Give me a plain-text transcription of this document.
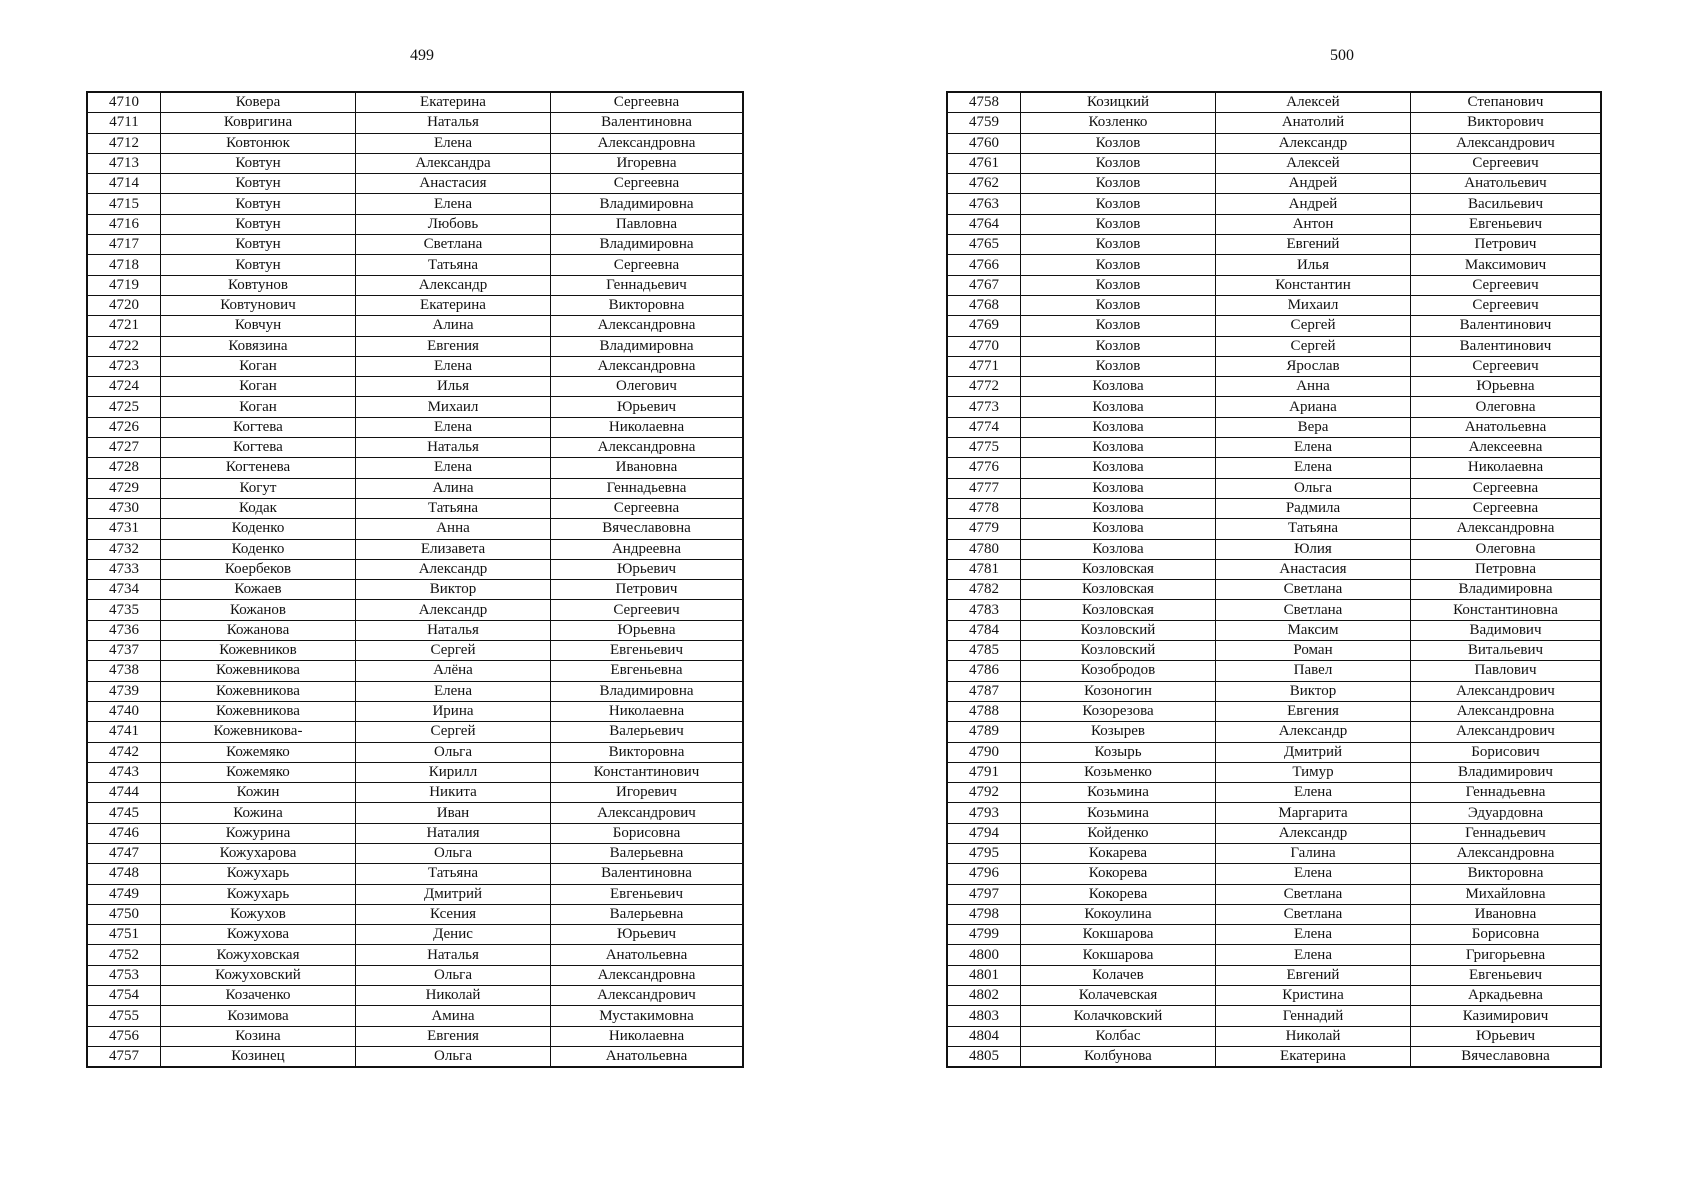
499
4710	Ковера	Екатерина	Сергеевна
4711	Ковригина	Наталья	Валентиновна
4712	Ковтонюк	Елена	Александровна
4713	Ковтун	Александра	Игоревна
4714	Ковтун	Анастасия	Сергеевна
4715	Ковтун	Елена	Владимировна
4716	Ковтун	Любовь	Павловна
4717	Ковтун	Светлана	Владимировна
4718	Ковтун	Татьяна	Сергеевна
4719	Ковтунов	Александр	Геннадьевич
4720	Ковтунович	Екатерина	Викторовна
4721	Ковчун	Алина	Александровна
4722	Ковязина	Евгения	Владимировна
4723	Коган	Елена	Александровна
4724	Коган	Илья	Олегович
4725	Коган	Михаил	Юрьевич
4726	Когтева	Елена	Николаевна
4727	Когтева	Наталья	Александровна
4728	Когтенева	Елена	Ивановна
4729	Когут	Алина	Геннадьевна
4730	Кодак	Татьяна	Сергеевна
4731	Коденко	Анна	Вячеславовна
4732	Коденко	Елизавета	Андреевна
4733	Коербеков	Александр	Юрьевич
4734	Кожаев	Виктор	Петрович
4735	Кожанов	Александр	Сергеевич
4736	Кожанова	Наталья	Юрьевна
4737	Кожевников	Сергей	Евгеньевич
4738	Кожевникова	Алёна	Евгеньевна
4739	Кожевникова	Елена	Владимировна
4740	Кожевникова	Ирина	Николаевна
4741	Кожевникова-	Сергей	Валерьевич
4742	Кожемяко	Ольга	Викторовна
4743	Кожемяко	Кирилл	Константинович
4744	Кожин	Никита	Игоревич
4745	Кожина	Иван	Александрович
4746	Кожурина	Наталия	Борисовна
4747	Кожухарова	Ольга	Валерьевна
4748	Кожухарь	Татьяна	Валентиновна
4749	Кожухарь	Дмитрий	Евгеньевич
4750	Кожухов	Ксения	Валерьевна
4751	Кожухова	Денис	Юрьевич
4752	Кожуховская	Наталья	Анатольевна
4753	Кожуховский	Ольга	Александровна
4754	Козаченко	Николай	Александрович
4755	Козимова	Амина	Мустакимовна
4756	Козина	Евгения	Николаевна
4757	Козинец	Ольга	Анатольевна
500
4758	Козицкий	Алексей	Степанович
4759	Козленко	Анатолий	Викторович
4760	Козлов	Александр	Александрович
4761	Козлов	Алексей	Сергеевич
4762	Козлов	Андрей	Анатольевич
4763	Козлов	Андрей	Васильевич
4764	Козлов	Антон	Евгеньевич
4765	Козлов	Евгений	Петрович
4766	Козлов	Илья	Максимович
4767	Козлов	Константин	Сергеевич
4768	Козлов	Михаил	Сергеевич
4769	Козлов	Сергей	Валентинович
4770	Козлов	Сергей	Валентинович
4771	Козлов	Ярослав	Сергеевич
4772	Козлова	Анна	Юрьевна
4773	Козлова	Ариана	Олеговна
4774	Козлова	Вера	Анатольевна
4775	Козлова	Елена	Алексеевна
4776	Козлова	Елена	Николаевна
4777	Козлова	Ольга	Сергеевна
4778	Козлова	Радмила	Сергеевна
4779	Козлова	Татьяна	Александровна
4780	Козлова	Юлия	Олеговна
4781	Козловская	Анастасия	Петровна
4782	Козловская	Светлана	Владимировна
4783	Козловская	Светлана	Константиновна
4784	Козловский	Максим	Вадимович
4785	Козловский	Роман	Витальевич
4786	Козобродов	Павел	Павлович
4787	Козоногин	Виктор	Александрович
4788	Козорезова	Евгения	Александровна
4789	Козырев	Александр	Александрович
4790	Козырь	Дмитрий	Борисович
4791	Козьменко	Тимур	Владимирович
4792	Козьмина	Елена	Геннадьевна
4793	Козьмина	Маргарита	Эдуардовна
4794	Койденко	Александр	Геннадьевич
4795	Кокарева	Галина	Александровна
4796	Кокорева	Елена	Викторовна
4797	Кокорева	Светлана	Михайловна
4798	Кокоулина	Светлана	Ивановна
4799	Кокшарова	Елена	Борисовна
4800	Кокшарова	Елена	Григорьевна
4801	Колачев	Евгений	Евгеньевич
4802	Колачевская	Кристина	Аркадьевна
4803	Колачковский	Геннадий	Казимирович
4804	Колбас	Николай	Юрьевич
4805	Колбунова	Екатерина	Вячеславовна
